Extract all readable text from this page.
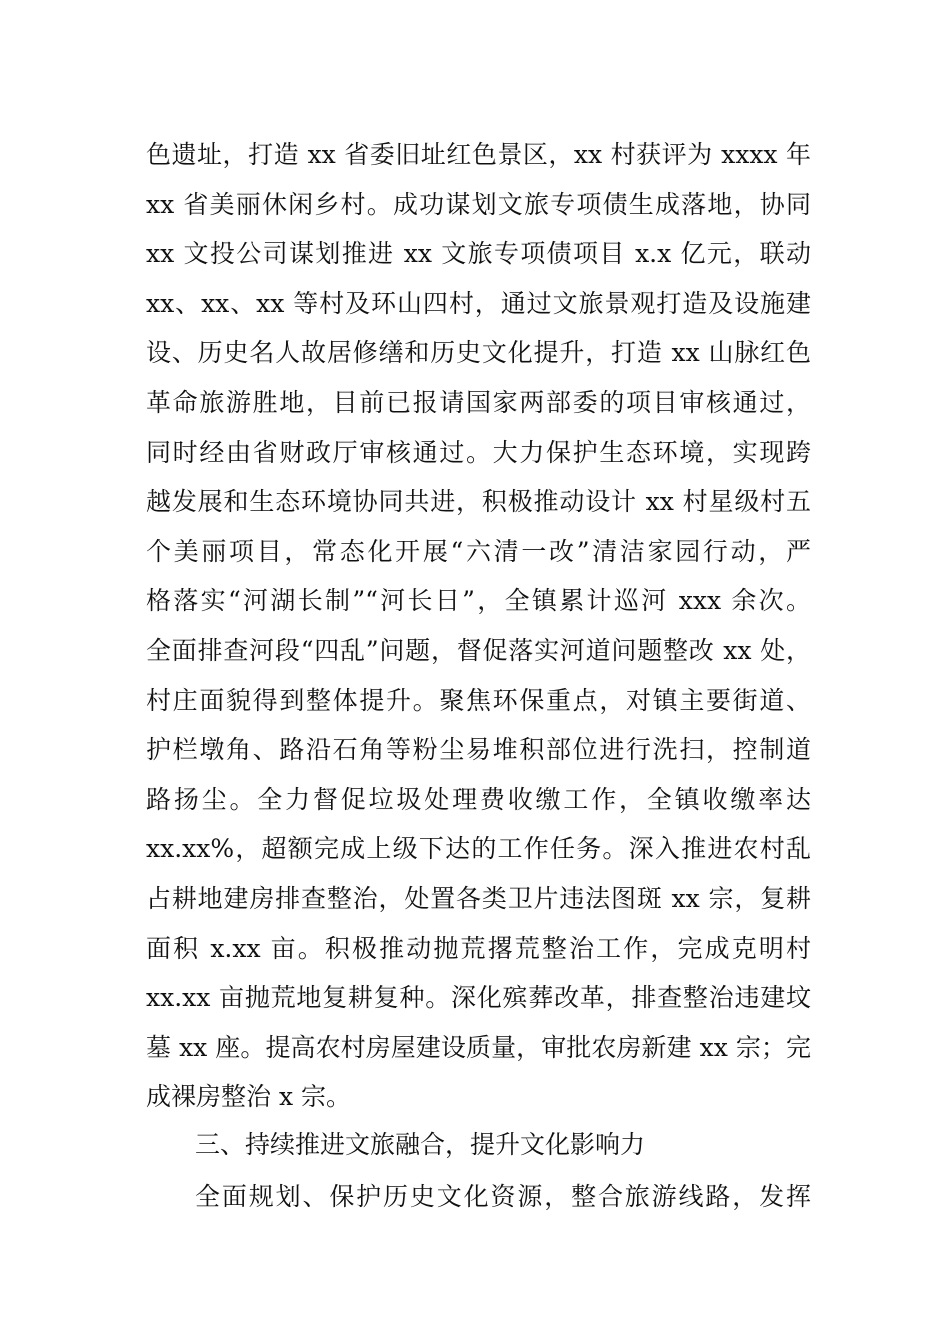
色遗址，打造 xx 省委旧址红色景区，xx 村获评为 xxxx 年
xx 省美丽休闲乡村。成功谋划文旅专项债生成落地，协同
xx 文投公司谋划推进 xx 文旅专项债项目 x.x 亿元，联动
xx、xx、xx 等村及环山四村，通过文旅景观打造及设施建
设、历史名人故居修缮和历史文化提升，打造 xx 山脉红色
革命旅游胜地，目前已报请国家两部委的项目审核通过，
同时经由省财政厅审核通过。大力保护生态环境，实现跨
越发展和生态环境协同共进，积极推动设计 xx 村星级村五
个美丽项目，常态化开展“六清一改”清洁家园行动，严
格落实“河湖长制”“河长日”，全镇累计巡河 xxx 余次。
全面排查河段“四乱”问题，督促落实河道问题整改 xx 处，
村庄面貌得到整体提升。聚焦环保重点，对镇主要街道、
护栏墩角、路沿石角等粉尘易堆积部位进行洗扫，控制道
路扬尘。全力督促垃圾处理费收缴工作，全镇收缴率达
xx.xx%，超额完成上级下达的工作任务。深入推进农村乱
占耕地建房排查整治，处置各类卫片违法图斑 xx 宗，复耕
面积 x.xx 亩。积极推动抛荒撂荒整治工作，完成克明村
xx.xx 亩抛荒地复耕复种。深化殡葬改革，排查整治违建坟
墓 xx 座。提高农村房屋建设质量，审批农房新建 xx 宗；完
成裸房整治 x 宗。
三、持续推进文旅融合，提升文化影响力
全面规划、保护历史文化资源，整合旅游线路，发挥
